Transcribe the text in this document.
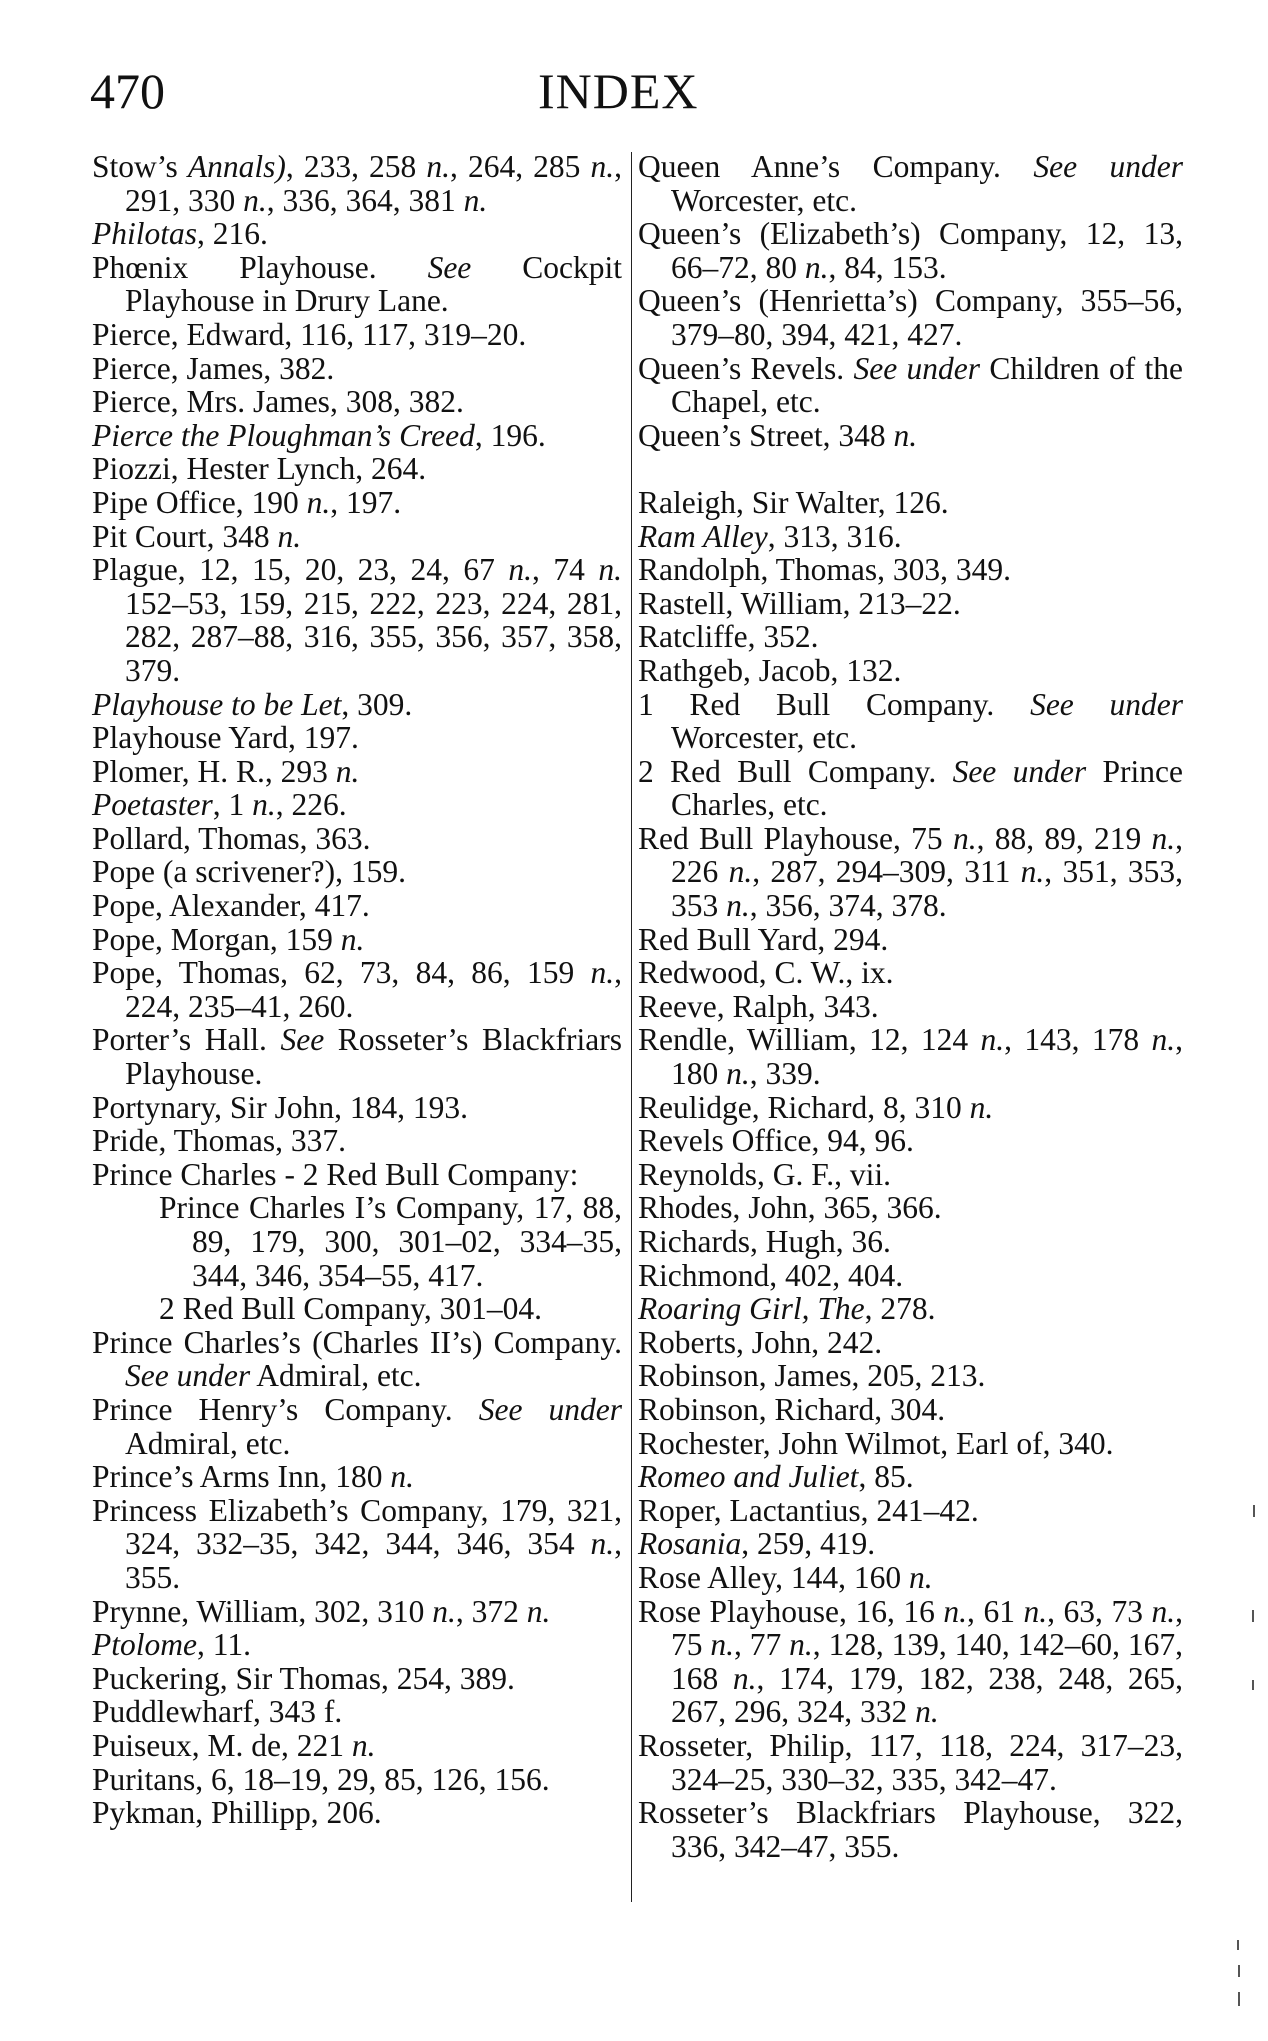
470	INDEX
Stow’s Annals), 233, 258 n., 264, 285 n., 291, 330 n., 336, 364, 381 n.
Philotas, 216.
Phœnix Playhouse. See Cockpit Playhouse in Drury Lane.
Pierce, Edward, 116, 117, 319–20.
Pierce, James, 382.
Pierce, Mrs. James, 308, 382.
Pierce the Ploughman’s Creed, 196.
Piozzi, Hester Lynch, 264.
Pipe Office, 190 n., 197.
Pit Court, 348 n.
Plague, 12, 15, 20, 23, 24, 67 n., 74 n. 152–53, 159, 215, 222, 223, 224, 281, 282, 287–88, 316, 355, 356, 357, 358, 379.
Playhouse to be Let, 309.
Playhouse Yard, 197.
Plomer, H. R., 293 n.
Poetaster, 1 n., 226.
Pollard, Thomas, 363.
Pope (a scrivener?), 159.
Pope, Alexander, 417.
Pope, Morgan, 159 n.
Pope, Thomas, 62, 73, 84, 86, 159 n., 224, 235–41, 260.
Porter’s Hall. See Rosseter’s Blackfriars Playhouse.
Portynary, Sir John, 184, 193.
Pride, Thomas, 337.
Prince Charles - 2 Red Bull Company:
Prince Charles I’s Company, 17, 88, 89, 179, 300, 301–02, 334–35, 344, 346, 354–55, 417.
2 Red Bull Company, 301–04.
Prince Charles’s (Charles II’s) Company. See under Admiral, etc.
Prince Henry’s Company. See under Admiral, etc.
Prince’s Arms Inn, 180 n.
Princess Elizabeth’s Company, 179, 321, 324, 332–35, 342, 344, 346, 354 n., 355.
Prynne, William, 302, 310 n., 372 n.
Ptolome, 11.
Puckering, Sir Thomas, 254, 389.
Puddlewharf, 343 f.
Puiseux, M. de, 221 n.
Puritans, 6, 18–19, 29, 85, 126, 156.
Pykman, Phillipp, 206.
Queen Anne’s Company. See under Worcester, etc.
Queen’s (Elizabeth’s) Company, 12, 13, 66–72, 80 n., 84, 153.
Queen’s (Henrietta’s) Company, 355–56, 379–80, 394, 421, 427.
Queen’s Revels. See under Children of the Chapel, etc.
Queen’s Street, 348 n.
Raleigh, Sir Walter, 126.
Ram Alley, 313, 316.
Randolph, Thomas, 303, 349.
Rastell, William, 213–22.
Ratcliffe, 352.
Rathgeb, Jacob, 132.
1 Red Bull Company. See under Worcester, etc.
2 Red Bull Company. See under Prince Charles, etc.
Red Bull Playhouse, 75 n., 88, 89, 219 n., 226 n., 287, 294–309, 311 n., 351, 353, 353 n., 356, 374, 378.
Red Bull Yard, 294.
Redwood, C. W., ix.
Reeve, Ralph, 343.
Rendle, William, 12, 124 n., 143, 178 n., 180 n., 339.
Reulidge, Richard, 8, 310 n.
Revels Office, 94, 96.
Reynolds, G. F., vii.
Rhodes, John, 365, 366.
Richards, Hugh, 36.
Richmond, 402, 404.
Roaring Girl, The, 278.
Roberts, John, 242.
Robinson, James, 205, 213.
Robinson, Richard, 304.
Rochester, John Wilmot, Earl of, 340.
Romeo and Juliet, 85.
Roper, Lactantius, 241–42.
Rosania, 259, 419.
Rose Alley, 144, 160 n.
Rose Playhouse, 16, 16 n., 61 n., 63, 73 n., 75 n., 77 n., 128, 139, 140, 142–60, 167, 168 n., 174, 179, 182, 238, 248, 265, 267, 296, 324, 332 n.
Rosseter, Philip, 117, 118, 224, 317–23, 324–25, 330–32, 335, 342–47.
Rosseter’s Blackfriars Playhouse, 322, 336, 342–47, 355.
